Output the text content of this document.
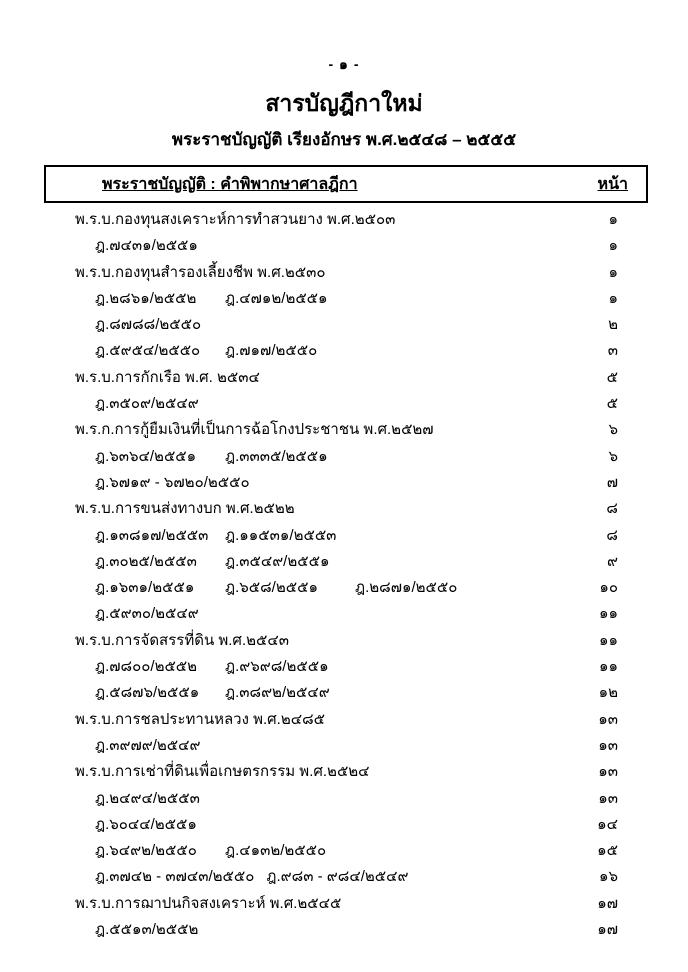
- ๑ -
สารบัญฎีกาใหม่
พระราชบัญญัติ เรียงอักษร พ.ศ.๒๕๔๘ – ๒๕๕๕
พระราชบัญญัติ : คำพิพากษาศาลฎีกา	หน้า
พ.ร.บ.กองทุนสงเคราะห์การทำสวนยาง พ.ศ.๒๕๐๓	๑
ฎ.๗๔๓๑/๒๕๕๑	๑
พ.ร.บ.กองทุนสำรองเลี้ยงชีพ พ.ศ.๒๕๓๐	๑
ฎ.๒๘๖๑/๒๕๕๒ ฎ.๔๗๑๒/๒๕๕๑	๑
ฎ.๘๗๘๘/๒๕๕๐	๒
ฎ.๕๙๕๔/๒๕๕๐ ฎ.๗๑๗/๒๕๕๐	๓
พ.ร.บ.การกักเรือ พ.ศ. ๒๕๓๔	๕
ฎ.๓๕๐๙/๒๕๔๙	๕
พ.ร.ก.การกู้ยืมเงินที่เป็นการฉ้อโกงประชาชน พ.ศ.๒๕๒๗	๖
ฎ.๖๓๖๔/๒๕๕๑ ฎ.๓๓๓๕/๒๕๕๑	๖
ฎ.๖๗๑๙ - ๖๗๒๐/๒๕๕๐	๗
พ.ร.บ.การขนส่งทางบก พ.ศ.๒๕๒๒	๘
ฎ.๑๓๘๑๗/๒๕๕๓ ฎ.๑๑๕๓๑/๒๕๕๓	๘
ฎ.๓๐๒๕/๒๕๕๓ ฎ.๓๕๔๙/๒๕๕๑	๙
ฎ.๑๖๓๑/๒๕๕๑ ฎ.๖๕๘/๒๕๕๑ ฎ.๒๘๗๑/๒๕๕๐	๑๐
ฎ.๕๙๓๐/๒๕๔๙	๑๑
พ.ร.บ.การจัดสรรที่ดิน พ.ศ.๒๕๔๓	๑๑
ฎ.๗๘๐๐/๒๕๕๒ ฎ.๙๖๙๘/๒๕๕๑	๑๑
ฎ.๕๘๗๖/๒๕๕๑ ฎ.๓๘๙๒/๒๕๔๙	๑๒
พ.ร.บ.การชลประทานหลวง พ.ศ.๒๔๘๕	๑๓
ฎ.๓๙๗๙/๒๕๔๙	๑๓
พ.ร.บ.การเช่าที่ดินเพื่อเกษตรกรรม พ.ศ.๒๕๒๔	๑๓
ฎ.๒๔๙๔/๒๕๕๓	๑๓
ฎ.๖๐๔๔/๒๕๕๑	๑๔
ฎ.๖๔๙๒/๒๕๕๐ ฎ.๔๑๓๒/๒๕๕๐	๑๕
ฎ.๓๗๔๒ - ๓๗๔๓/๒๕๕๐ ฎ.๙๘๓ - ๙๘๔/๒๕๔๙	๑๖
พ.ร.บ.การฌาปนกิจสงเคราะห์ พ.ศ.๒๕๔๕	๑๗
ฎ.๕๕๑๓/๒๕๕๒	๑๗
